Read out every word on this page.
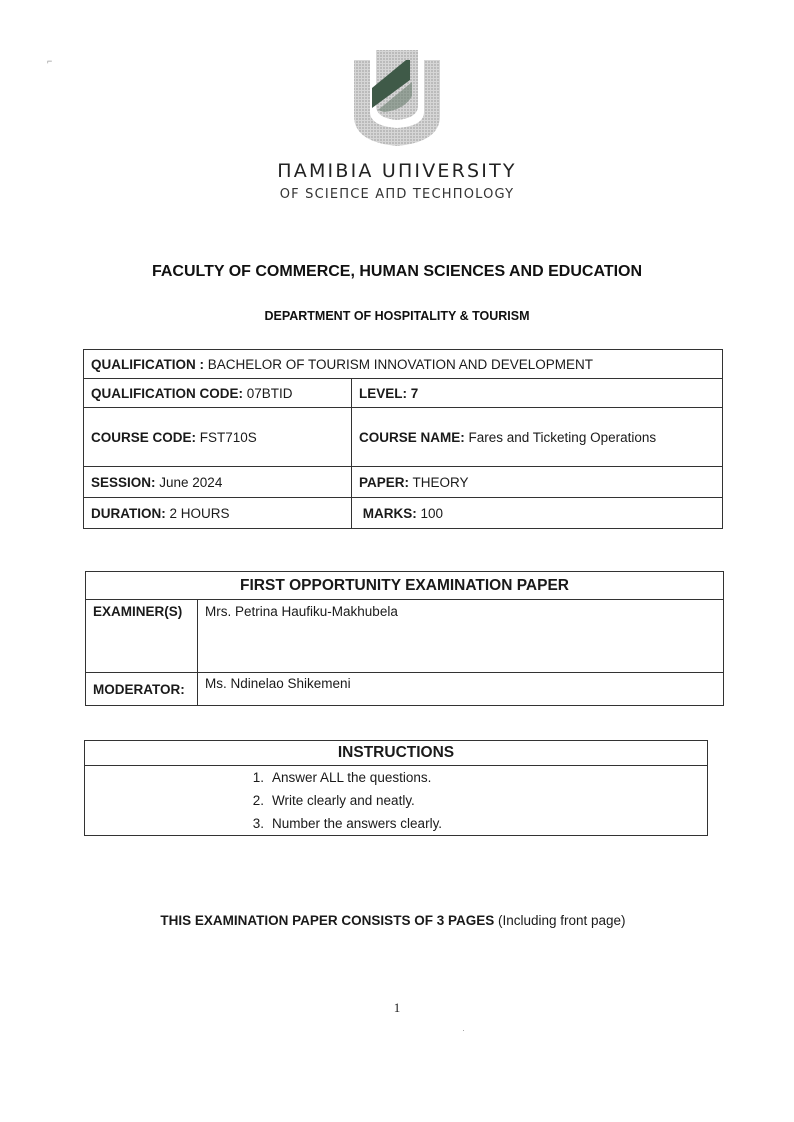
ПAMIBIA UПIVERSITY
OF SCIEПCE AПD TECHПOLOGY
FACULTY OF COMMERCE, HUMAN SCIENCES AND EDUCATION
DEPARTMENT OF HOSPITALITY & TOURISM
QUALIFICATION : BACHELOR OF TOURISM INNOVATION AND DEVELOPMENT	
QUALIFICATION CODE: 07BTID	LEVEL: 7
COURSE CODE: FST710S	COURSE NAME: Fares and Ticketing Operations
SESSION: June 2024	PAPER: THEORY
DURATION: 2 HOURS	MARKS: 100
FIRST OPPORTUNITY EXAMINATION PAPER	
EXAMINER(S)	Mrs. Petrina Haufiku-Makhubela
MODERATOR:	Ms. Ndinelao Shikemeni
INSTRUCTIONS

1. Answer ALL the questions.
2. Write clearly and neatly.
3. Number the answers clearly.
THIS EXAMINATION PAPER CONSISTS OF 3 PAGES (Including front page)
1
⌐
·
